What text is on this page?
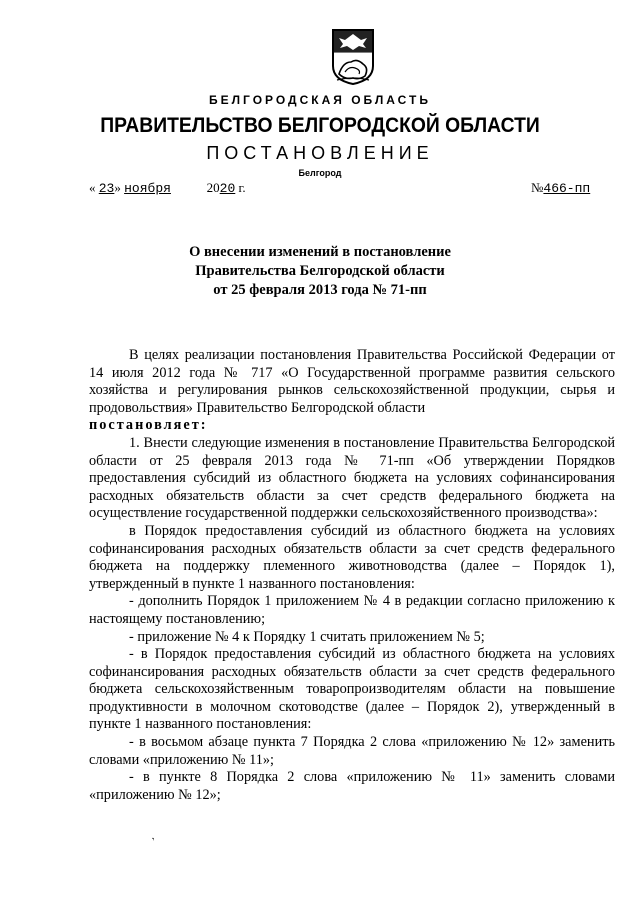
БЕЛГОРОДСКАЯ ОБЛАСТЬ
ПРАВИТЕЛЬСТВО БЕЛГОРОДСКОЙ ОБЛАСТИ
ПОСТАНОВЛЕНИЕ
Белгород
« 23» ноября	2020 г.	№466-пп
О внесении изменений в постановление
Правительства Белгородской области
от 25 февраля 2013 года № 71-пп

В целях реализации постановления Правительства Российской Федерации от 14 июля 2012 года № 717 «О Государственной программе развития сельского хозяйства и регулирования рынков сельскохозяйственной продукции, сырья и продовольствия» Правительство Белгородской области

постановляет:

1. Внести следующие изменения в постановление Правительства Белгородской области от 25 февраля 2013 года № 71-пп «Об утверждении Порядков предоставления субсидий из областного бюджета на условиях софинансирования расходных обязательств области за счет средств федерального бюджета на осуществление государственной поддержки сельскохозяйственного производства»:

в Порядок предоставления субсидий из областного бюджета на условиях софинансирования расходных обязательств области за счет средств федерального бюджета на поддержку племенного животноводства (далее – Порядок 1), утвержденный в пункте 1 названного постановления:

- дополнить Порядок 1 приложением № 4 в редакции согласно приложению к настоящему постановлению;

- приложение № 4 к Порядку 1 считать приложением № 5;

- в Порядок предоставления субсидий из областного бюджета на условиях софинансирования расходных обязательств области за счет средств федерального бюджета сельскохозяйственным товаропроизводителям области на повышение продуктивности в молочном скотоводстве (далее – Порядок 2), утвержденный в пункте 1 названного постановления:

- в восьмом абзаце пункта 7 Порядка 2 слова «приложению № 12» заменить словами «приложению № 11»;

- в пункте 8 Порядка 2 слова «приложению № 11» заменить словами «приложению № 12»;

ʼ
